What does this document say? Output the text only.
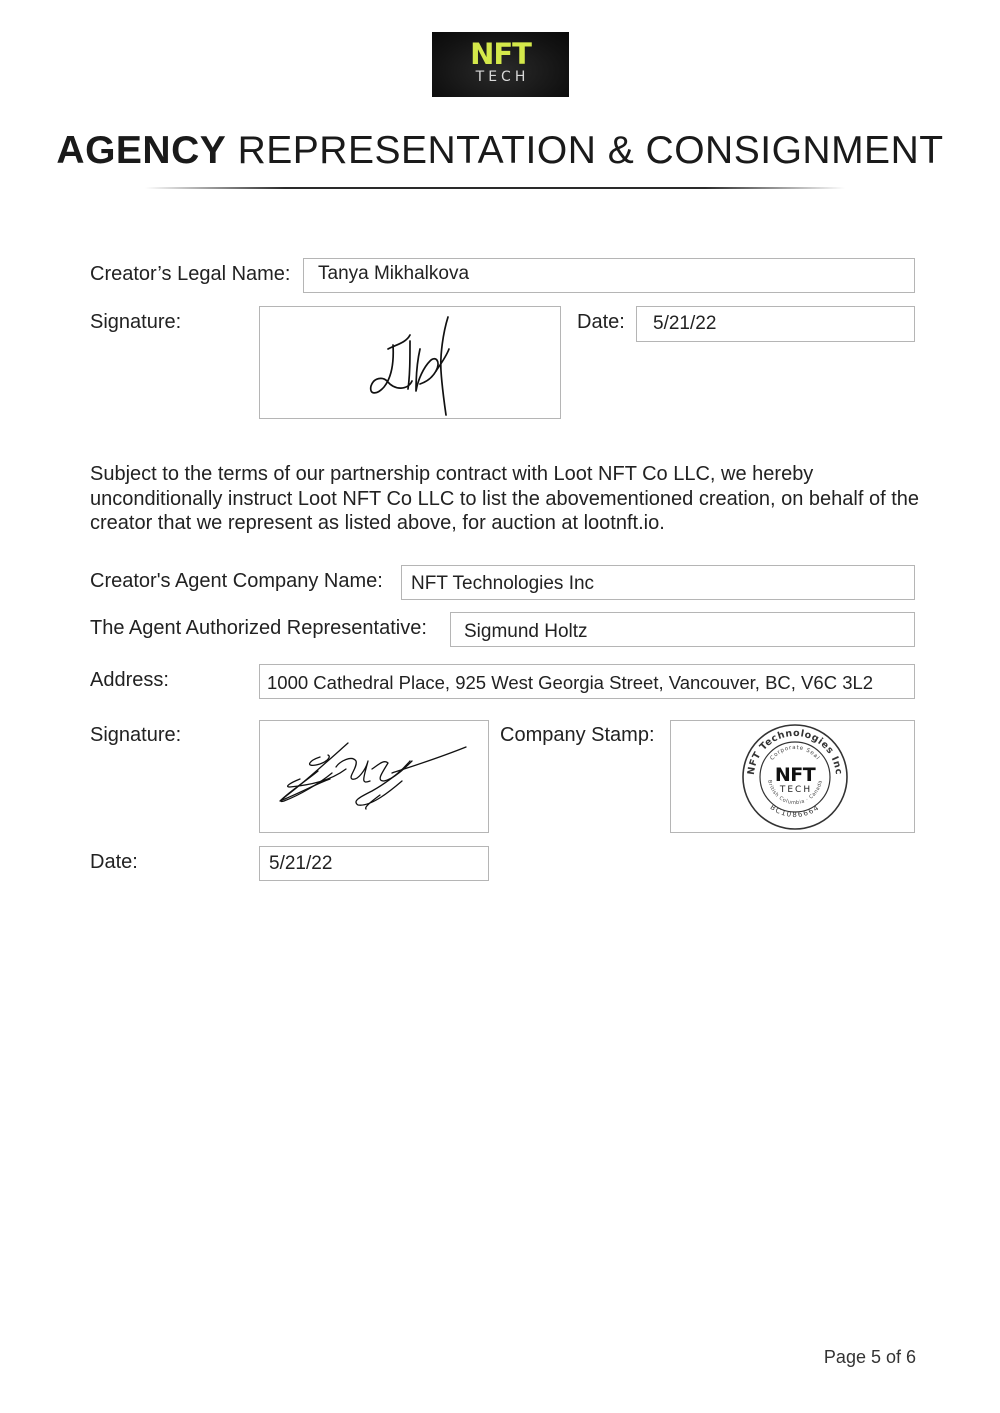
NFT
TECH
AGENCY REPRESENTATION & CONSIGNMENT
Creator’s Legal Name:	Tanya Mikhalkova
Signature:	Date:	5/21/22
Subject to the terms of our partnership contract with Loot NFT Co LLC, we hereby unconditionally instruct Loot NFT Co LLC to list the abovementioned creation, on behalf of the creator that we represent as listed above, for auction at lootnft.io.
Creator's Agent Company Name:	NFT Technologies Inc
The Agent Authorized Representative:	Sigmund Holtz
Address:	1000 Cathedral Place, 925 West Georgia Street, Vancouver, BC, V6C 3L2
Signature:	Company Stamp:
NFT Technologies Inc
BC1086664
Corporate Seal
British Columbia · Canada
NFT
TECH
Date:	5/21/22
Page 5 of 6
